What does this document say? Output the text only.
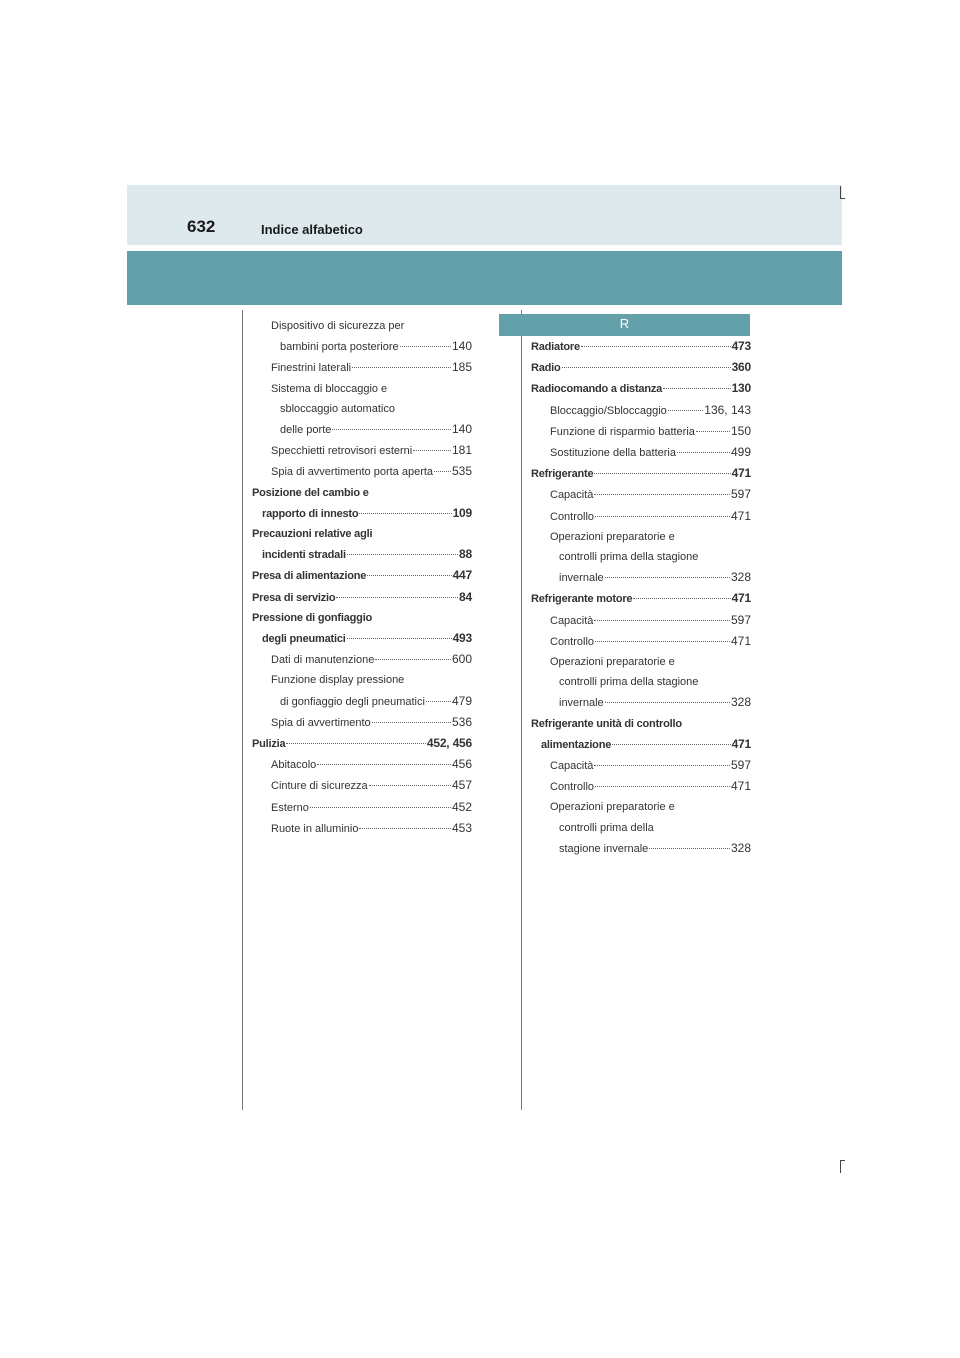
632	Indice alfabetico
R
Dispositivo di sicurezza per
bambini porta posteriore	140
Finestrini laterali	185
Sistema di bloccaggio e
sbloccaggio automatico
delle porte	140
Specchietti retrovisori esterni	181
Spia di avvertimento porta aperta 535
Posizione del cambio e
rapporto di innesto	109
Precauzioni relative agli
incidenti stradali	88
Presa di alimentazione	447
Presa di servizio	84
Pressione di gonfiaggio
degli pneumatici	493
Dati di manutenzione	600
Funzione display pressione
di gonfiaggio degli pneumatici 479
Spia di avvertimento	536
Pulizia	452, 456
Abitacolo	456
Cinture di sicurezza	457
Esterno	452
Ruote in alluminio	453
Radiatore	473
Radio	360
Radiocomando a distanza	130
Bloccaggio/Sbloccaggio	136, 143
Funzione di risparmio batteria	150
Sostituzione della batteria	499
Refrigerante	471
Capacità	597
Controllo	471
Operazioni preparatorie e
controlli prima della stagione
invernale	328
Refrigerante motore	471
Capacità	597
Controllo	471
Operazioni preparatorie e
controlli prima della stagione
invernale	328
Refrigerante unità di controllo
alimentazione	471
Capacità	597
Controllo	471
Operazioni preparatorie e
controlli prima della
stagione invernale	328
